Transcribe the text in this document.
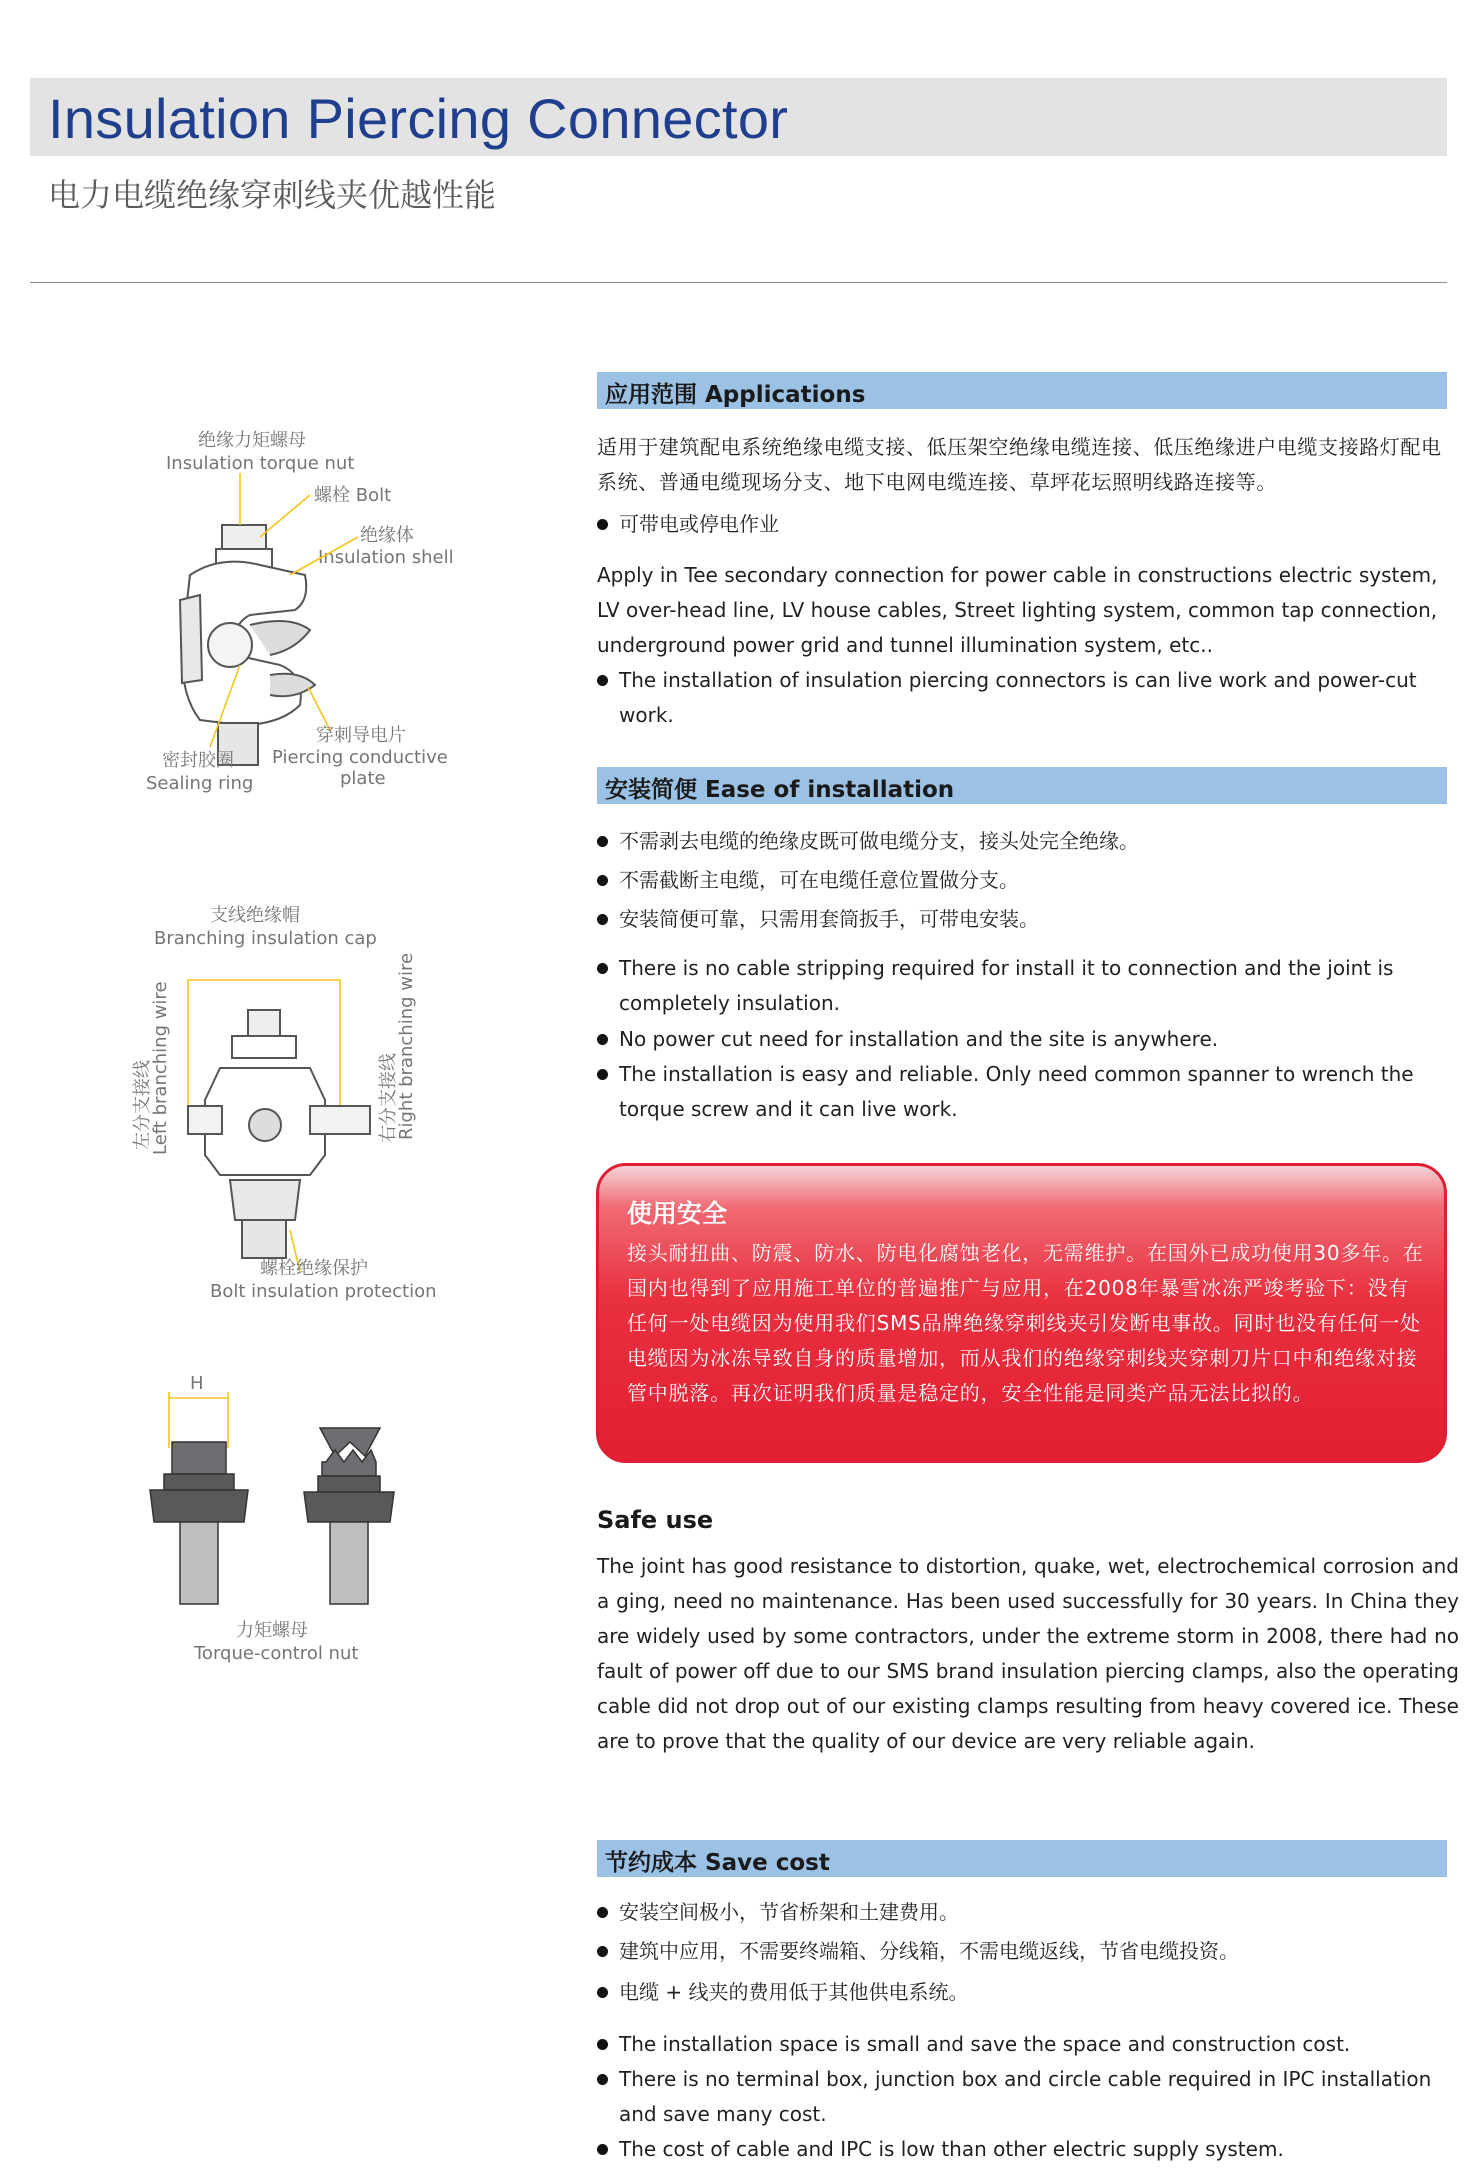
Insulation Piercing Connector
电力电缆绝缘穿刺线夹优越性能
绝缘力矩螺母
Insulation torque nut
螺栓 Bolt
绝缘体
Insulation shell
穿刺导电片
Piercing conductive
plate
密封胶圈
Sealing ring
支线绝缘帽
Branching insulation cap
左分支接线
Left branching wire	右分支接线
Right branching wire
螺栓绝缘保护
Bolt insulation protection
H
力矩螺母
Torque-control nut
应用范围 Applications
适用于建筑配电系统绝缘电缆支接、低压架空绝缘电缆连接、低压绝缘进户电缆支接路灯配电系统、普通电缆现场分支、地下电网电缆连接、草坪花坛照明线路连接等。
可带电或停电作业
Apply in Tee secondary connection for power cable in constructions electric system, LV over-head line, LV house cables, Street lighting system, common tap connection, underground power grid and tunnel illumination system, etc..
The installation of insulation piercing connectors is can live work and power-cut work.
安装简便 Ease of installation
不需剥去电缆的绝缘皮既可做电缆分支，接头处完全绝缘。
不需截断主电缆，可在电缆任意位置做分支。
安装简便可靠，只需用套筒扳手，可带电安装。
There is no cable stripping required for install it to connection and the joint is completely insulation.
No power cut need for installation and the site is anywhere.
The installation is easy and reliable. Only need common spanner to wrench the torque screw and it can live work.
使用安全
接头耐扭曲、防震、防水、防电化腐蚀老化，无需维护。在国外已成功使用30多年。在国内也得到了应用施工单位的普遍推广与应用，在2008年暴雪冰冻严竣考验下：没有任何一处电缆因为使用我们SMS品牌绝缘穿刺线夹引发断电事故。同时也没有任何一处电缆因为冰冻导致自身的质量增加，而从我们的绝缘穿刺线夹穿刺刀片口中和绝缘对接管中脱落。再次证明我们质量是稳定的，安全性能是同类产品无法比拟的。
Safe use
The joint has good resistance to distortion, quake, wet, electrochemical corrosion and a ging, need no maintenance. Has been used successfully for 30 years. In China they are widely used by some contractors, under the extreme storm in 2008, there had no fault of power off due to our SMS brand insulation piercing clamps, also the operating cable did not drop out of our existing clamps resulting from heavy covered ice. These are to prove that the quality of our device are very reliable again.
节约成本 Save cost
安装空间极小，节省桥架和土建费用。
建筑中应用，不需要终端箱、分线箱，不需电缆返线，节省电缆投资。
电缆 + 线夹的费用低于其他供电系统。
The installation space is small and save the space and construction cost.
There is no terminal box, junction box and circle cable required in IPC installation and save many cost.
The cost of cable and IPC is low than other electric supply system.
